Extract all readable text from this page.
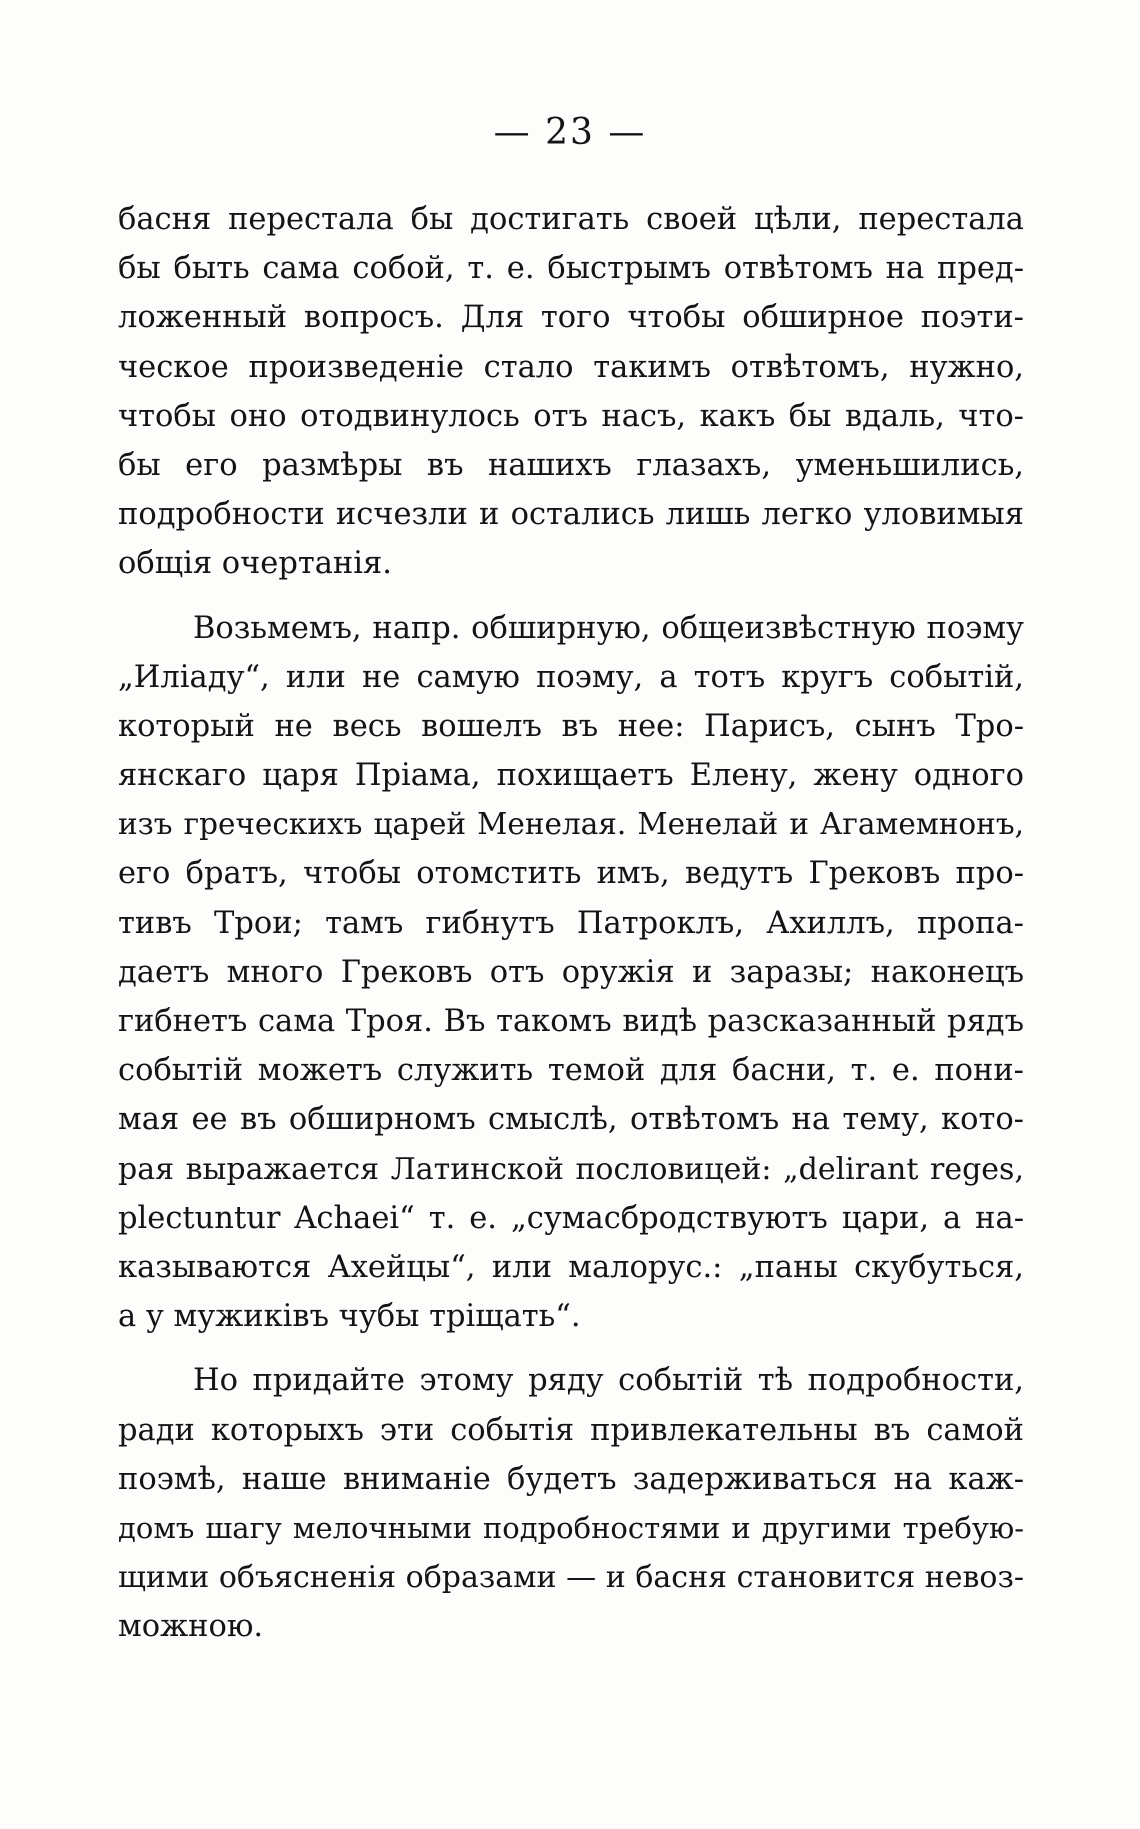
— 23 —
басня перестала бы достигать своей цѣли, перестала
бы быть сама собой, т. е. быстрымъ отвѣтомъ на пред-
ложенный вопросъ. Для того чтобы обширное поэти-
ческое произведеніе стало такимъ отвѣтомъ, нужно,
чтобы оно отодвинулось отъ насъ, какъ бы вдаль, что-
бы его размѣры въ нашихъ глазахъ, уменьшились,
подробности исчезли и остались лишь легко уловимыя
общія очертанія.
Возьмемъ, напр. обширную, общеизвѣстную поэму
„Иліаду“, или не самую поэму, а тотъ кругъ событій,
который не весь вошелъ въ нее: Парисъ, сынъ Тро-
янскаго царя Пріама, похищаетъ Елену, жену одного
изъ греческихъ царей Менелая. Менелай и Агамемнонъ,
его братъ, чтобы отомстить имъ, ведутъ Грековъ про-
тивъ Трои; тамъ гибнутъ Патроклъ, Ахиллъ, пропа-
даетъ много Грековъ отъ оружія и заразы; наконецъ
гибнетъ сама Троя. Въ такомъ видѣ разсказанный рядъ
событій можетъ служить темой для басни, т. е. пони-
мая ее въ обширномъ смыслѣ, отвѣтомъ на тему, кото-
рая выражается Латинской пословицей: „delirant reges,
plectuntur Achaei“ т. е. „сумасбродствуютъ цари, а на-
казываются Ахейцы“, или малорус.: „паны скубуться,
а у мужиківъ чубы тріщать“.
Но придайте этому ряду событій тѣ подробности,
ради которыхъ эти событія привлекательны въ самой
поэмѣ, наше вниманіе будетъ задерживаться на каж-
домъ шагу мелочными подробностями и другими требую-
щими объясненія образами — и басня становится невоз-
можною.
